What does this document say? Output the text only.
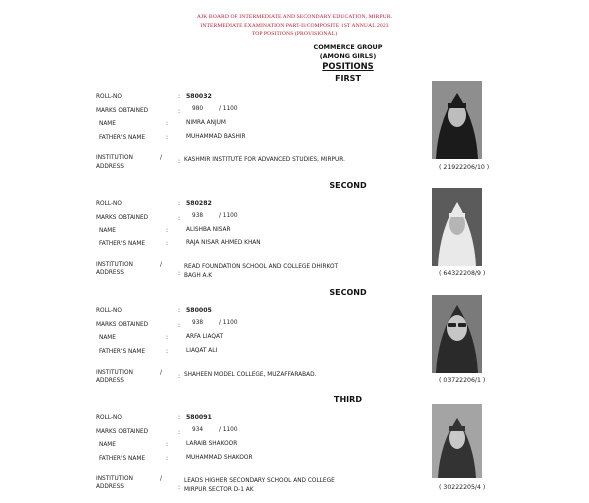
AJK BOARD OF INTERMEDIATE AND SECONDARY EDUCATION, MIRPUR.
INTERMEDIATE EXAMINATION PART-II/COMPOSITE 1ST ANNUAL 2023
TOP POSITIONS (PROVISIONAL)
COMMERCE GROUP
(AMONG GIRLS)
POSITIONS
FIRST
ROLL-NO	: 580032
MARKS OBTAINED	: 980	/ 1100
NAME	:	NIMRA ANJUM
FATHER'S NAME	:	MUHAMMAD BASHIR
INSTITUTION	/
ADDRESS
: KASHMIR INSTITUTE FOR ADVANCED STUDIES, MIRPUR.
( 21922206/10 )
SECOND
ROLL-NO	: 580282
MARKS OBTAINED	: 938	/ 1100
NAME	:	ALISHBA NISAR
FATHER'S NAME	:	RAJA NISAR AHMED KHAN
INSTITUTION	/
ADDRESS	:
READ FOUNDATION SCHOOL AND COLLEGE DHIRKOT
BAGH A.K	( 64322208/9 )
SECOND
ROLL-NO	: 580005
MARKS OBTAINED	: 938	/ 1100
NAME	:	ARFA LIAQAT
FATHER'S NAME	:	LIAQAT ALI
INSTITUTION	/
ADDRESS
: SHAHEEN MODEL COLLEGE, MUZAFFARABAD.
( 03722206/1 )
THIRD
ROLL-NO	: 580091
MARKS OBTAINED	: 934	/ 1100
NAME	:	LARAIB SHAKOOR
FATHER'S NAME	:	MUHAMMAD SHAKOOR
INSTITUTION	/
ADDRESS	:
LEADS HIGHER SECONDARY SCHOOL AND COLLEGE
MIRPUR SECTOR D-1 AK	( 30222205/4 )
